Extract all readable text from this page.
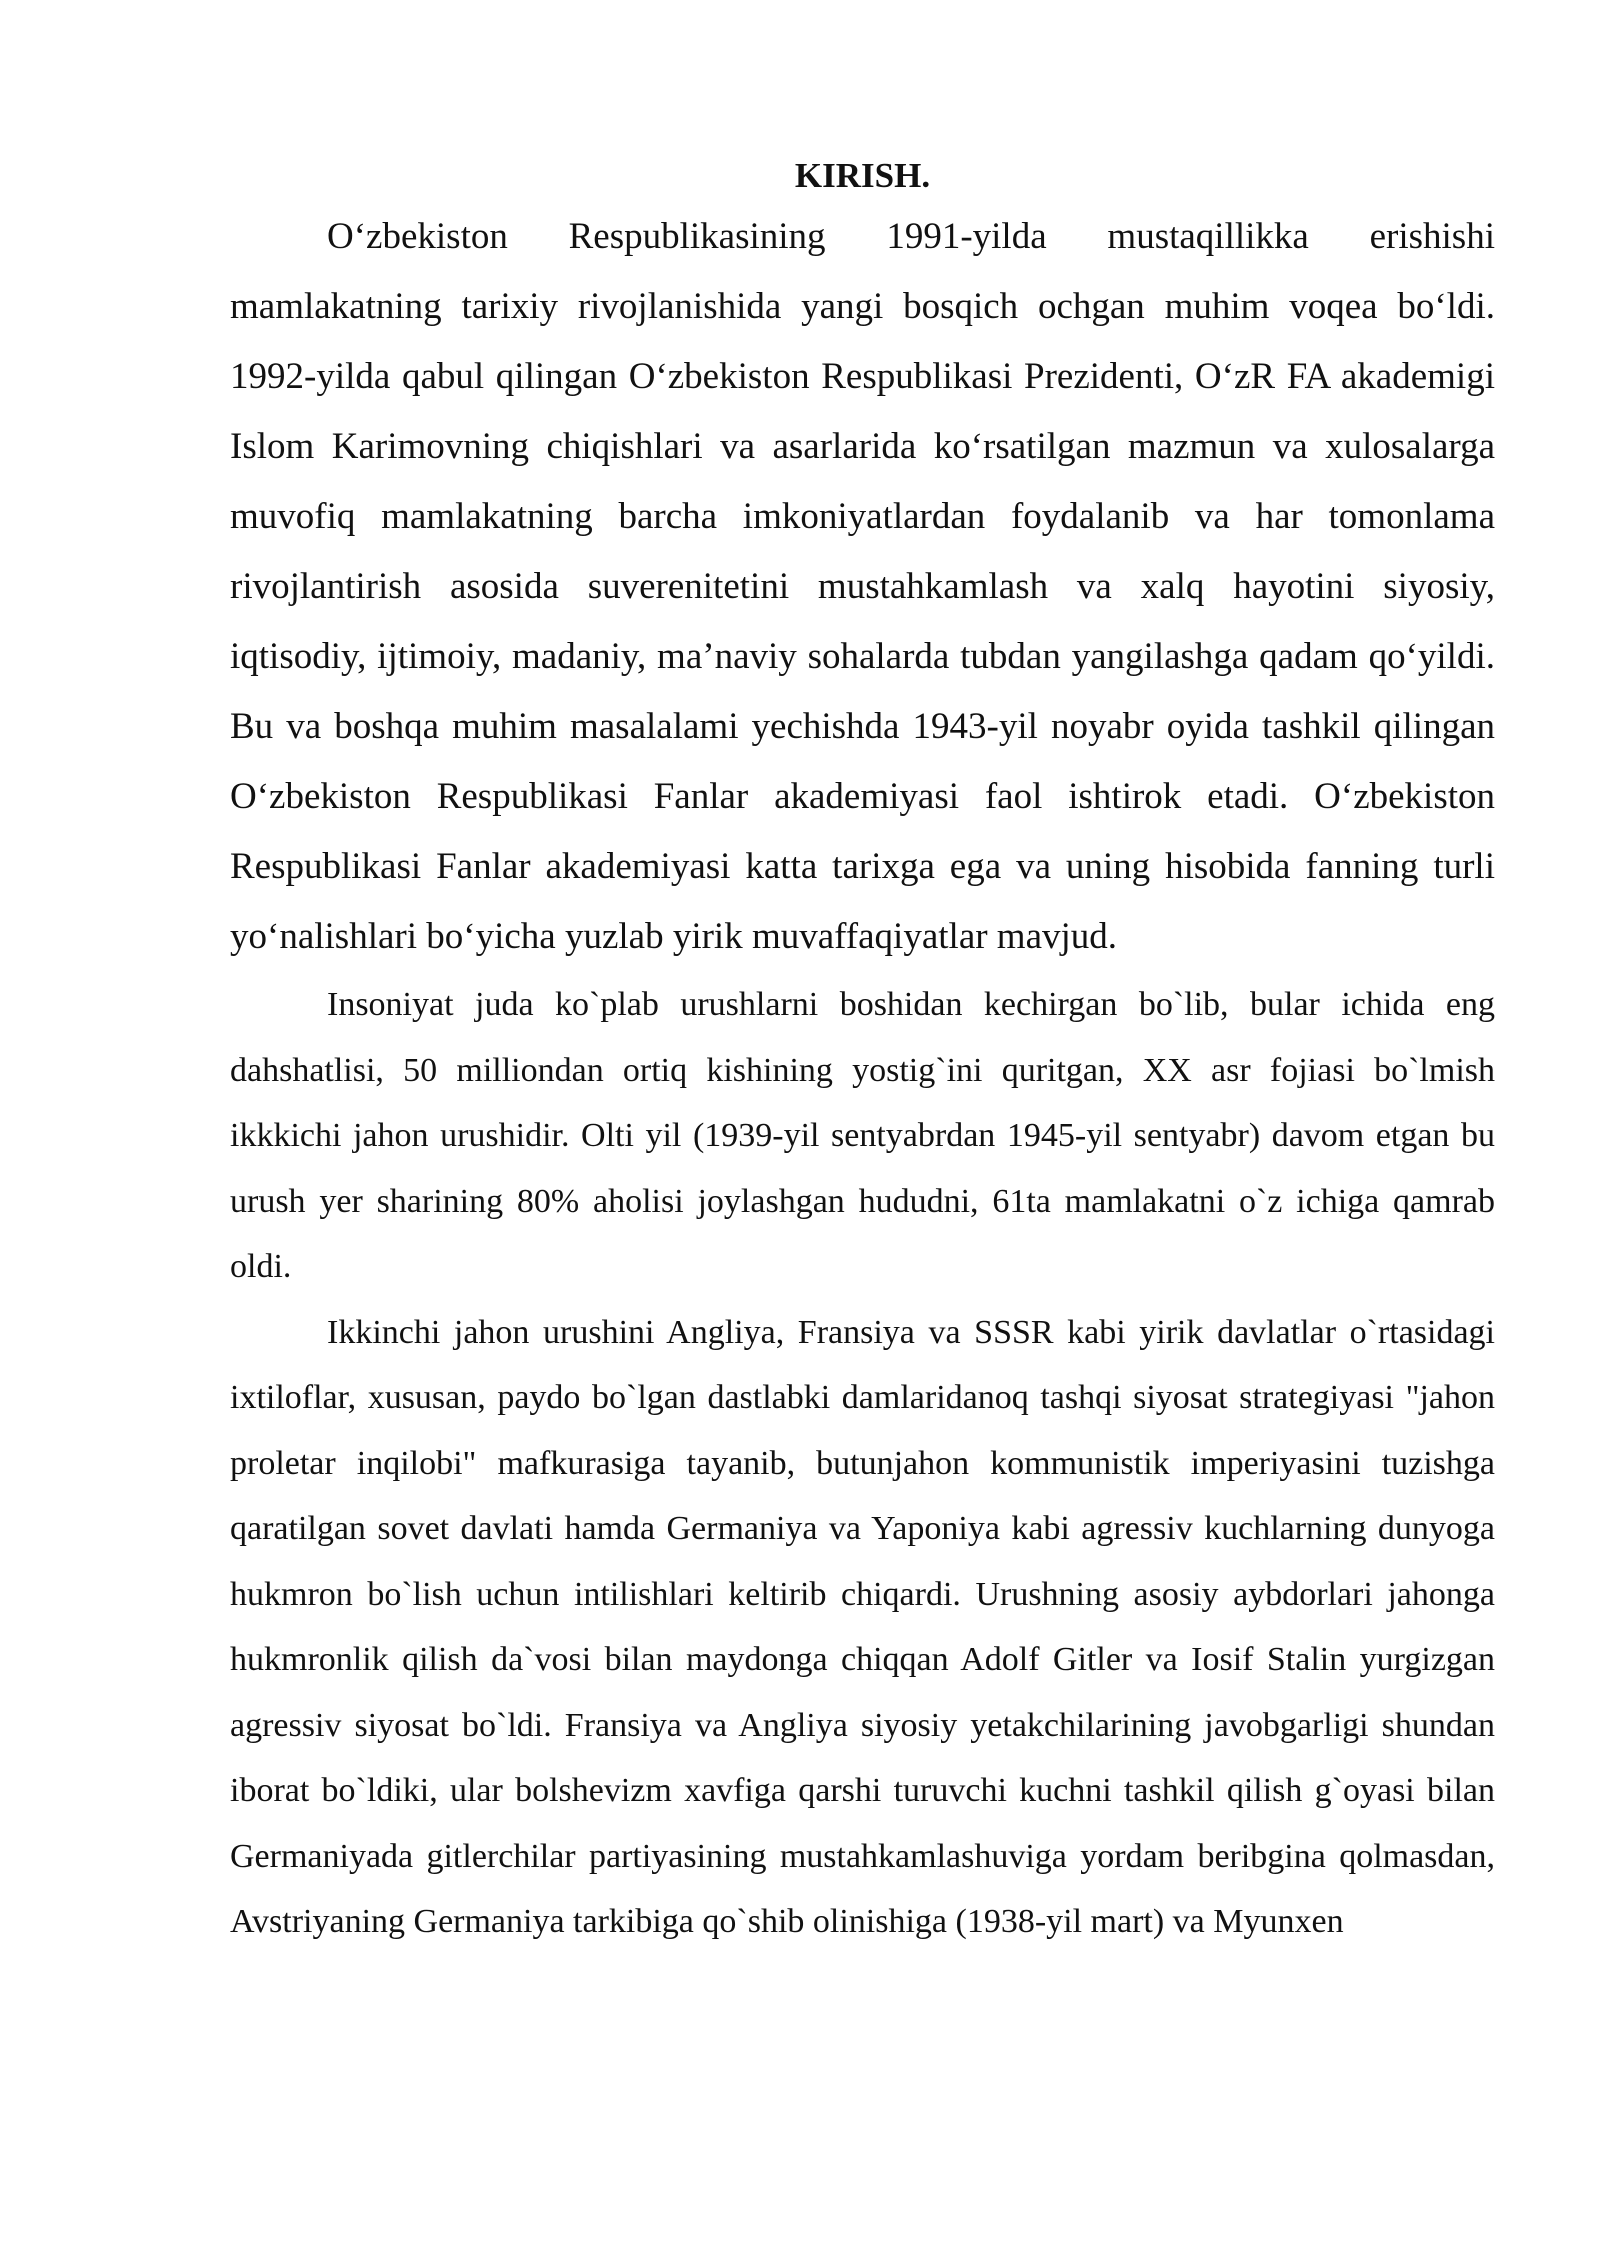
KIRISH.

O‘zbekiston Respublikasining 1991-yilda mustaqillikka erishishi mamlakatning tarixiy rivojlanishida yangi bosqich ochgan muhim voqea bo‘ldi. 1992-yilda qabul qilingan O‘zbekiston Respublikasi Prezidenti, O‘zR FA akademigi Islom Karimovning chiqishlari va asarlarida ko‘rsatilgan mazmun va xulosalarga muvofiq mamlakatning barcha imkoniyatlardan foydalanib va har tomonlama rivojlantirish asosida suverenitetini mustahkamlash va xalq hayotini siyosiy, iqtisodiy, ijtimoiy, madaniy, ma’naviy sohalarda tubdan yangilashga qadam qo‘yildi. Bu va boshqa muhim masalalami yechishda 1943-yil noyabr oyida tashkil qilingan O‘zbekiston Respublikasi Fanlar akademiyasi faol ishtirok etadi. O‘zbekiston Respublikasi Fanlar akademiyasi katta tarixga ega va uning hisobida fanning turli yo‘nalishlari bo‘yicha yuzlab yirik muvaffaqiyatlar mavjud.

Insoniyat juda ko`plab urushlarni boshidan kechirgan bo`lib, bular ichida eng dahshatlisi, 50 milliondan ortiq kishining yostig`ini quritgan, XX asr fojiasi bo`lmish ikkkichi jahon urushidir. Olti yil (1939-yil sentyabrdan 1945-yil sentyabr) davom etgan bu urush yer sharining 80% aholisi joylashgan hududni, 61ta mamlakatni o`z ichiga qamrab oldi.

Ikkinchi jahon urushini Angliya, Fransiya va SSSR kabi yirik davlatlar o`rtasidagi ixtiloflar, xususan, paydo bo`lgan dastlabki damlaridanoq tashqi siyosat strategiyasi "jahon proletar inqilobi" mafkurasiga tayanib, butunjahon kommunistik imperiyasini tuzishga qaratilgan sovet davlati hamda Germaniya va Yaponiya kabi agressiv kuchlarning dunyoga hukmron bo`lish uchun intilishlari keltirib chiqardi. Urushning asosiy aybdorlari jahonga hukmronlik qilish da`vosi bilan maydonga chiqqan Adolf Gitler va Iosif Stalin yurgizgan agressiv siyosat bo`ldi. Fransiya va Angliya siyosiy yetakchilarining javobgarligi shundan iborat bo`ldiki, ular bolshevizm xavfiga qarshi turuvchi kuchni tashkil qilish g`oyasi bilan Germaniyada gitlerchilar partiyasining mustahkamlashuviga yordam beribgina qolmasdan, Avstriyaning Germaniya tarkibiga qo`shib olinishiga (1938-yil mart) va Myunxen
